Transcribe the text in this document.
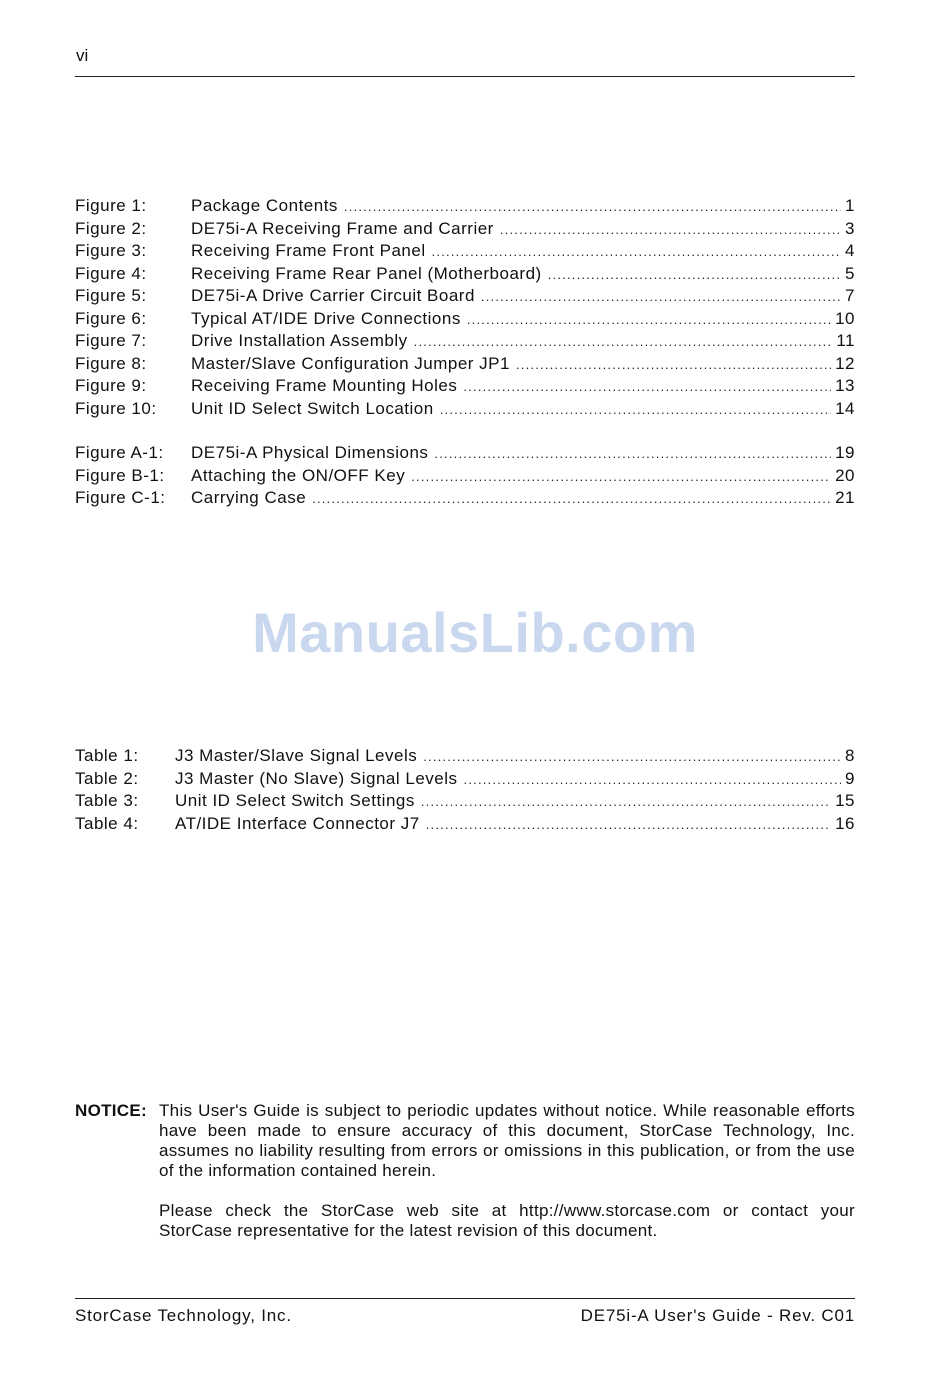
vi
Figure 1:	Package Contents .....	1
Figure 2:	DE75i-A Receiving Frame and Carrier .....	3
Figure 3:	Receiving Frame Front Panel .....	4
Figure 4:	Receiving Frame Rear Panel (Motherboard) .....	5
Figure 5:	DE75i-A Drive Carrier Circuit Board .....	7
Figure 6:	Typical AT/IDE Drive Connections .....	10
Figure 7:	Drive Installation Assembly .....	11
Figure 8:	Master/Slave Configuration Jumper JP1 .....	12
Figure 9:	Receiving Frame Mounting Holes .....	13
Figure 10:	Unit ID Select Switch Location .....	14
Figure A-1:	DE75i-A Physical Dimensions .....	19
Figure B-1:	Attaching the ON/OFF Key .....	20
Figure C-1:	Carrying Case .....	21
ManualsLib.com
Table 1:	J3 Master/Slave Signal Levels .....	8
Table 2:	J3 Master (No Slave) Signal Levels .....	9
Table 3:	Unit ID Select Switch Settings .....	15
Table 4:	AT/IDE Interface Connector J7 .....	16
NOTICE: This User's Guide is subject to periodic updates without notice. While reasonable efforts have been made to ensure accuracy of this document, StorCase Technology, Inc. assumes no liability resulting from errors or omissions in this publication, or from the use of the information contained herein.

Please check the StorCase web site at http://www.storcase.com or contact your StorCase representative for the latest revision of this document.

StorCase Technology, Inc.	DE75i-A User's Guide - Rev. C01
